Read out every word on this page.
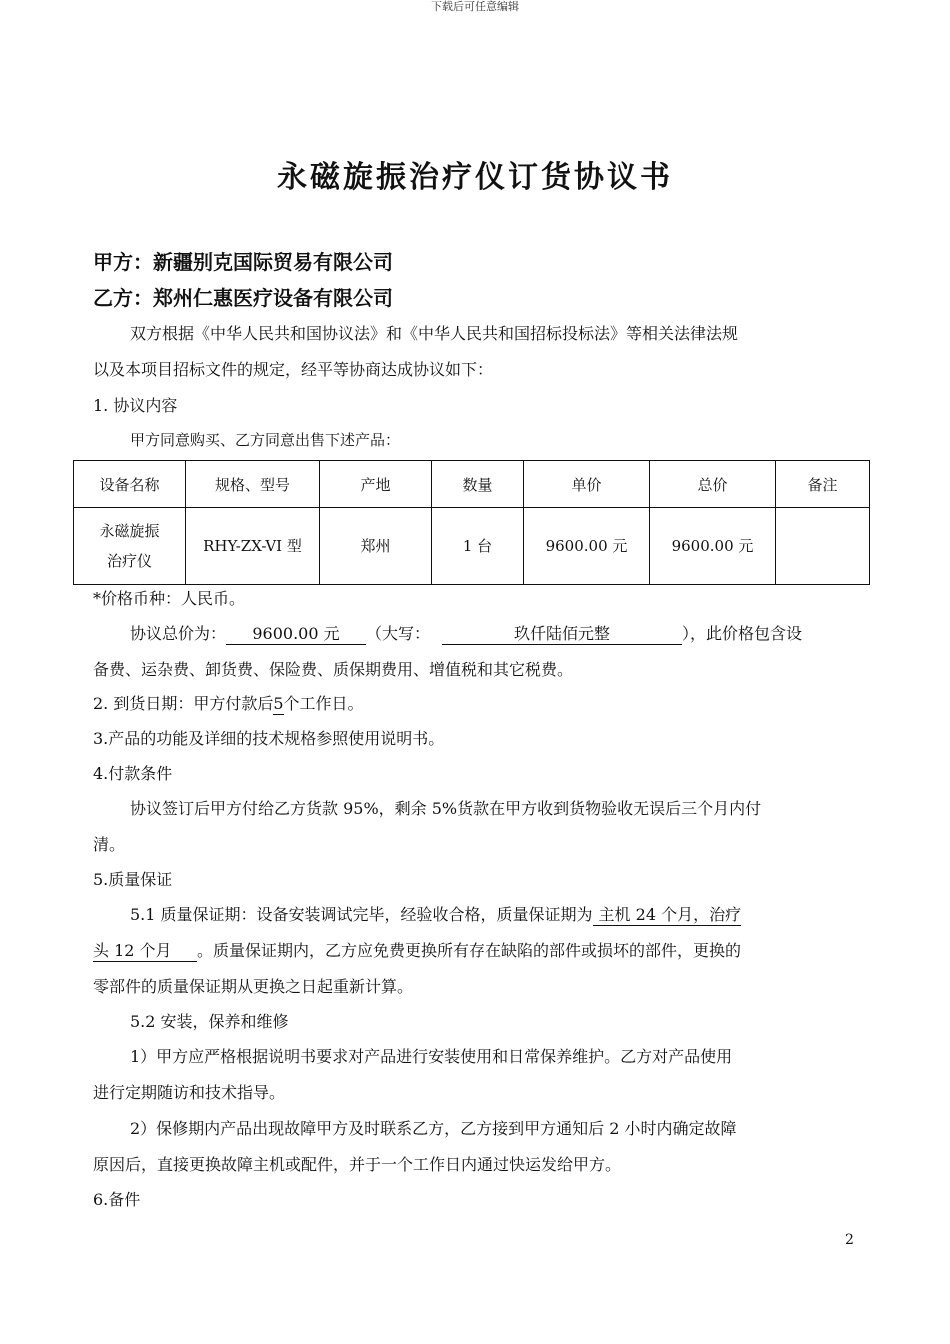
下载后可任意编辑
永磁旋振治疗仪订货协议书
甲方：新疆别克国际贸易有限公司
乙方：郑州仁惠医疗设备有限公司
双方根据《中华人民共和国协议法》和《中华人民共和国招标投标法》等相关法律法规
以及本项目招标文件的规定，经平等协商达成协议如下：
1. 协议内容
甲方同意购买、乙方同意出售下述产品：
设备名称	规格、型号	产地	数量	单价	总价	备注

永磁旋振
治疗仪	RHY-ZX-VI 型	郑州	1 台	9600.00 元	9600.00 元	
*价格币种：人民币。
协议总价为： 9600.00 元 （大写：	玖仟陆佰元整	），此价格包含设
备费、运杂费、卸货费、保险费、质保期费用、增值税和其它税费。
2. 到货日期：甲方付款后5个工作日。
3.产品的功能及详细的技术规格参照使用说明书。
4.付款条件
协议签订后甲方付给乙方货款 95%，剩余 5%货款在甲方收到货物验收无误后三个月内付
清。
5.质量保证
5.1 质量保证期：设备安装调试完毕，经验收合格，质量保证期为 主机 24 个月，治疗
头 12 个月 。质量保证期内，乙方应免费更换所有存在缺陷的部件或损坏的部件，更换的
零部件的质量保证期从更换之日起重新计算。
5.2 安装，保养和维修
1）甲方应严格根据说明书要求对产品进行安装使用和日常保养维护。乙方对产品使用
进行定期随访和技术指导。
2）保修期内产品出现故障甲方及时联系乙方，乙方接到甲方通知后 2 小时内确定故障
原因后，直接更换故障主机或配件，并于一个工作日内通过快运发给甲方。
6.备件
2
